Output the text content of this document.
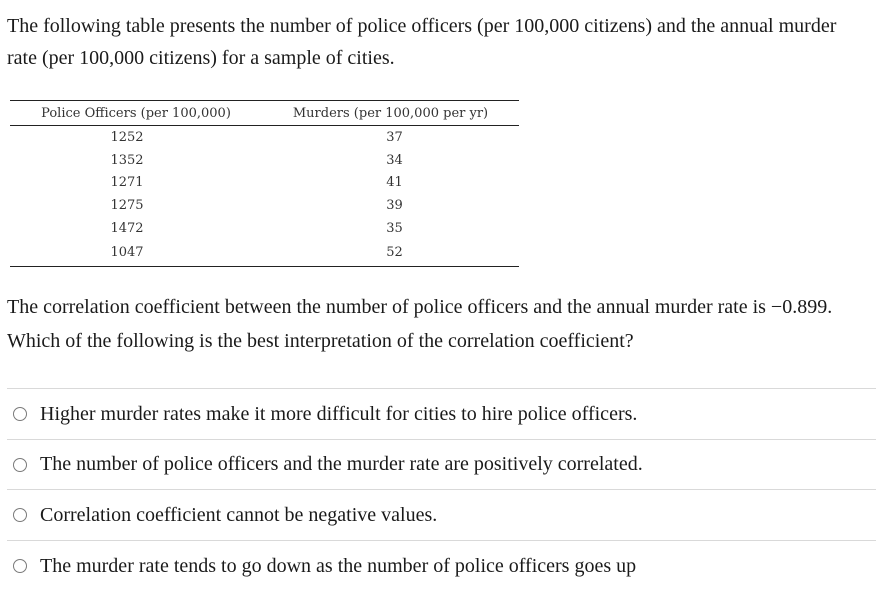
The following table presents the number of police officers (per 100,000 citizens) and the annual murder rate (per 100,000 citizens) for a sample of cities.

Police Officers (per 100,000)	Murders (per 100,000 per yr)
1252	37
1352	34
1271	41
1275	39
1472	35
1047	52

The correlation coefficient between the number of police officers and the annual murder rate is −0.899. Which of the following is the best interpretation of the correlation coefficient?

Higher murder rates make it more difficult for cities to hire police officers.
The number of police officers and the murder rate are positively correlated.
Correlation coefficient cannot be negative values.
The murder rate tends to go down as the number of police officers goes up
